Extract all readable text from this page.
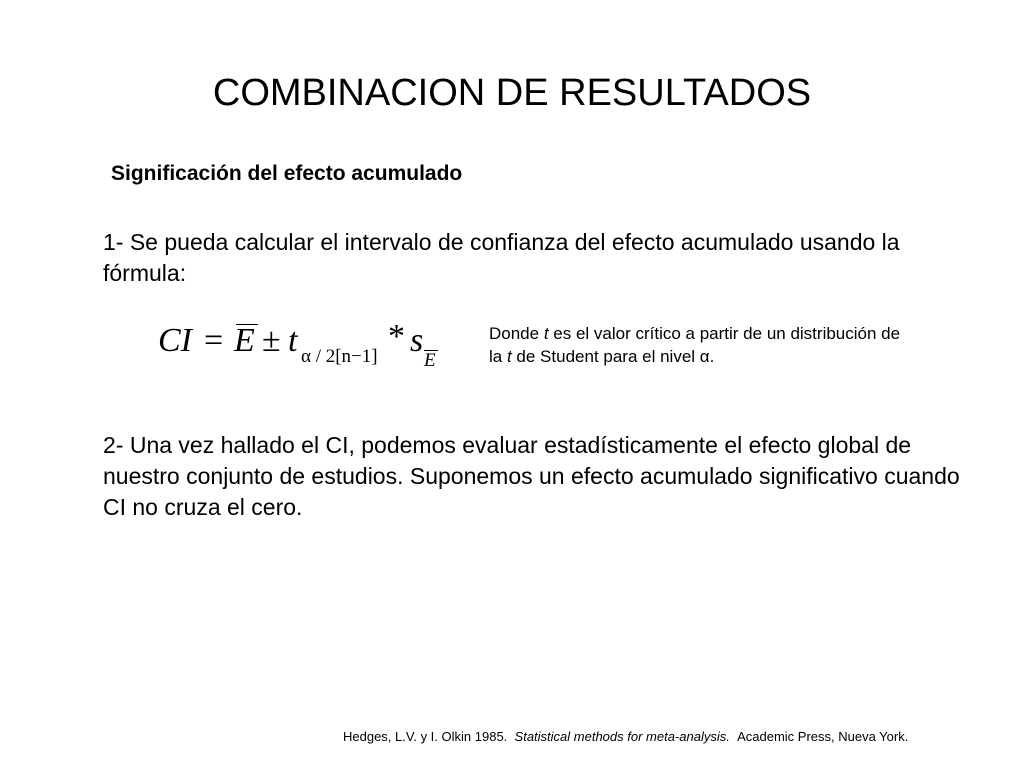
COMBINACION DE RESULTADOS
Significación del efecto acumulado
1- Se pueda calcular el intervalo de confianza del efecto acumulado usando la fórmula:
CI = E ± t α / 2[n−1]
* s
E
Donde t es el valor crítico a partir de un distribución de la t de Student para el nivel α.
2- Una vez hallado el CI, podemos evaluar estadísticamente el efecto global de nuestro conjunto de estudios. Suponemos un efecto acumulado significativo cuando CI no cruza el cero.
Hedges, L.V. y I. Olkin 1985. Statistical methods for meta-analysis. Academic Press, Nueva York.
